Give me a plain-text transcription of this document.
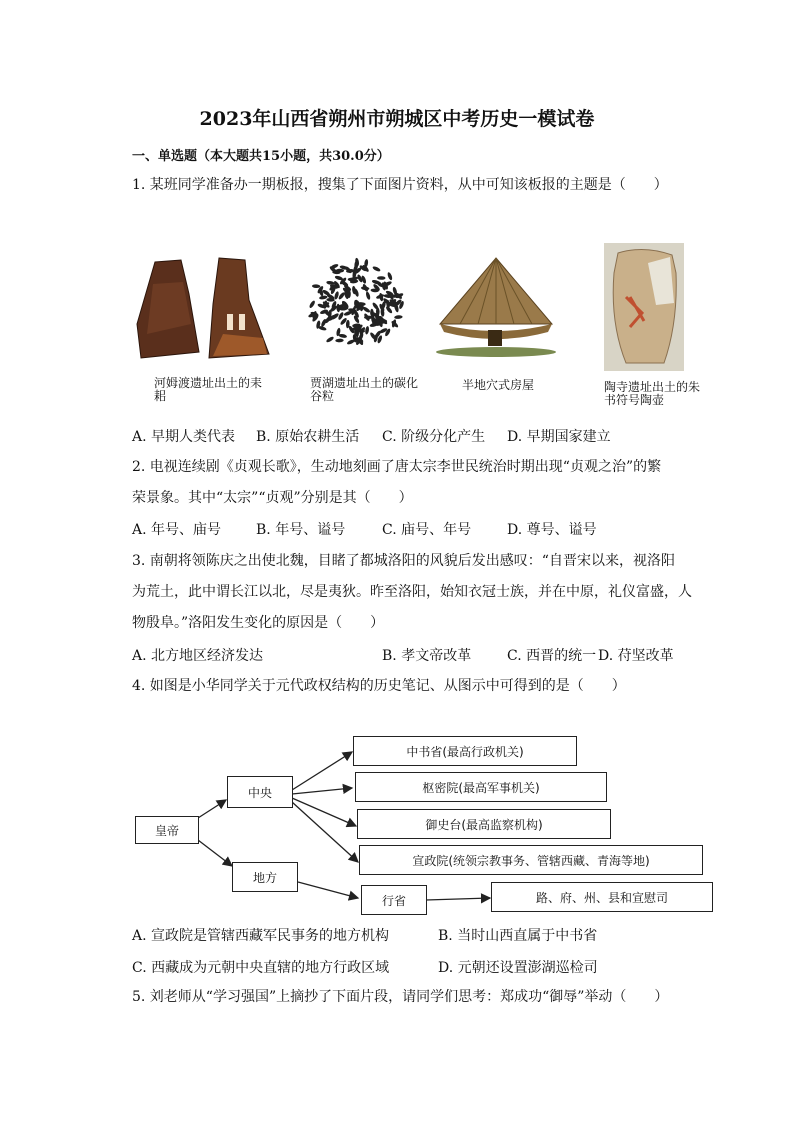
2023年山西省朔州市朔城区中考历史一模试卷
一、单选题（本大题共15小题，共30.0分）
1. 某班同学准备办一期板报，搜集了下面图片资料，从中可知该板报的主题是（　　）
河姆渡遗址出土的耒耜
贾湖遗址出土的碳化谷粒
半地穴式房屋	陶寺遗址出土的朱书符号陶壶
A. 早期人类代表 B. 原始农耕生活 C. 阶级分化产生 D. 早期国家建立
2. 电视连续剧《贞观长歌》，生动地刻画了唐太宗李世民统治时期出现“贞观之治”的繁
荣景象。其中“太宗”“贞观”分别是其（　　）
A. 年号、庙号 B. 年号、谥号	C. 庙号、年号	D. 尊号、谥号
3. 南朝将领陈庆之出使北魏，目睹了都城洛阳的风貌后发出感叹：“自晋宋以来，视洛阳
为荒土，此中谓长江以北，尽是夷狄。昨至洛阳，始知衣冠士族，并在中原，礼仪富盛，人
物殷阜。”洛阳发生变化的原因是（　　）
A. 北方地区经济发达	B. 孝文帝改革	C. 西晋的统一 D. 苻坚改革
4. 如图是小华同学关于元代政权结构的历史笔记、从图示中可得到的是（　　）
皇帝
中央
地方
中书省(最高行政机关)
枢密院(最高军事机关)
御史台(最高监察机构)
宣政院(统领宗教事务、管辖西藏、青海等地)
行省	路、府、州、县和宣慰司
A. 宣政院是管辖西藏军民事务的地方机构	B. 当时山西直属于中书省
C. 西藏成为元朝中央直辖的地方行政区域	D. 元朝还设置澎湖巡检司
5. 刘老师从“学习强国”上摘抄了下面片段，请同学们思考：郑成功“御辱”举动（　　）
